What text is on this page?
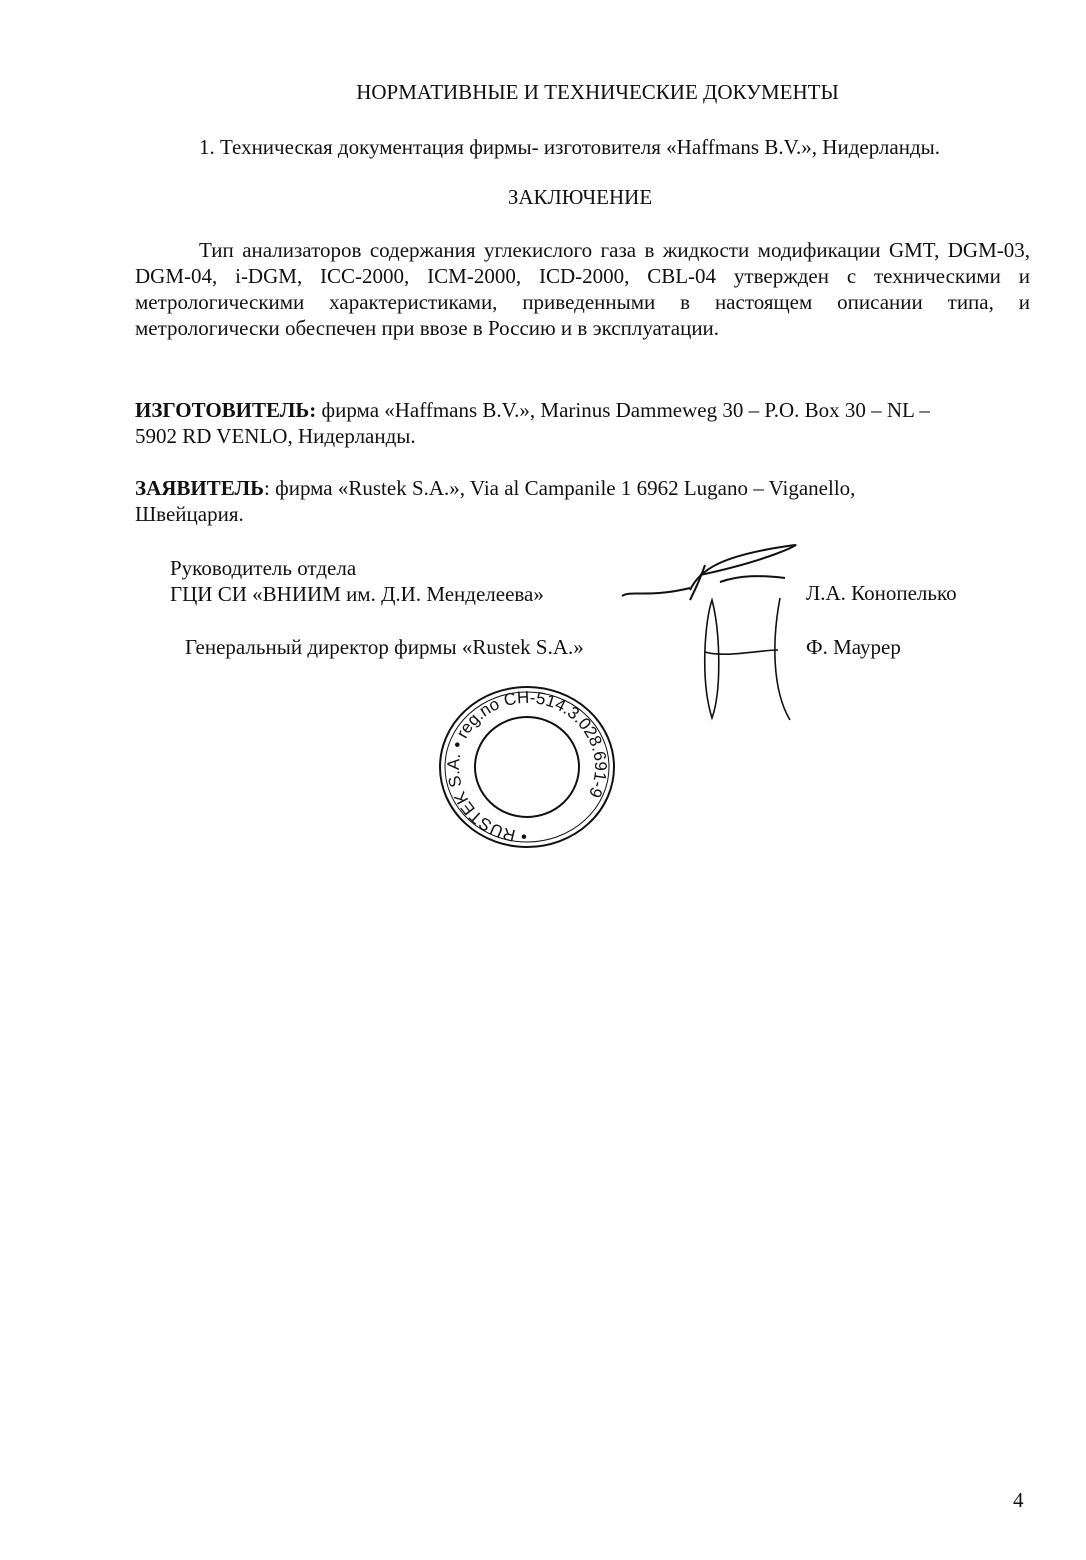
НОРМАТИВНЫЕ И ТЕХНИЧЕСКИЕ ДОКУМЕНТЫ
1. Техническая документация фирмы- изготовителя «Haffmans B.V.», Нидерланды.
ЗАКЛЮЧЕНИЕ
Тип анализаторов содержания углекислого газа в жидкости модификации GMT, DGM-03, DGM-04, i-DGM, ICC-2000, ICM-2000, ICD-2000, CBL-04 утвержден с техническими и метрологическими характеристиками, приведенными в настоящем описании типа, и метрологически обеспечен при ввозе в Россию и в эксплуатации.
ИЗГОТОВИТЕЛЬ: фирма «Haffmans B.V.», Marinus Dammeweg 30 – P.O. Box 30 – NL –
5902 RD VENLO, Нидерланды.
ЗАЯВИТЕЛЬ: фирма «Rustek S.A.», Via al Campanile 1 6962 Lugano – Viganello,
Швейцария.
Руководитель отдела
ГЦИ СИ «ВНИИМ им. Д.И. Менделеева»	Л.А. Конопелько
Генеральный директор фирмы «Rustek S.A.»	Ф. Маурер
• RUSTEK S.A. • reg.no CH-514.3.028.691-9
4
